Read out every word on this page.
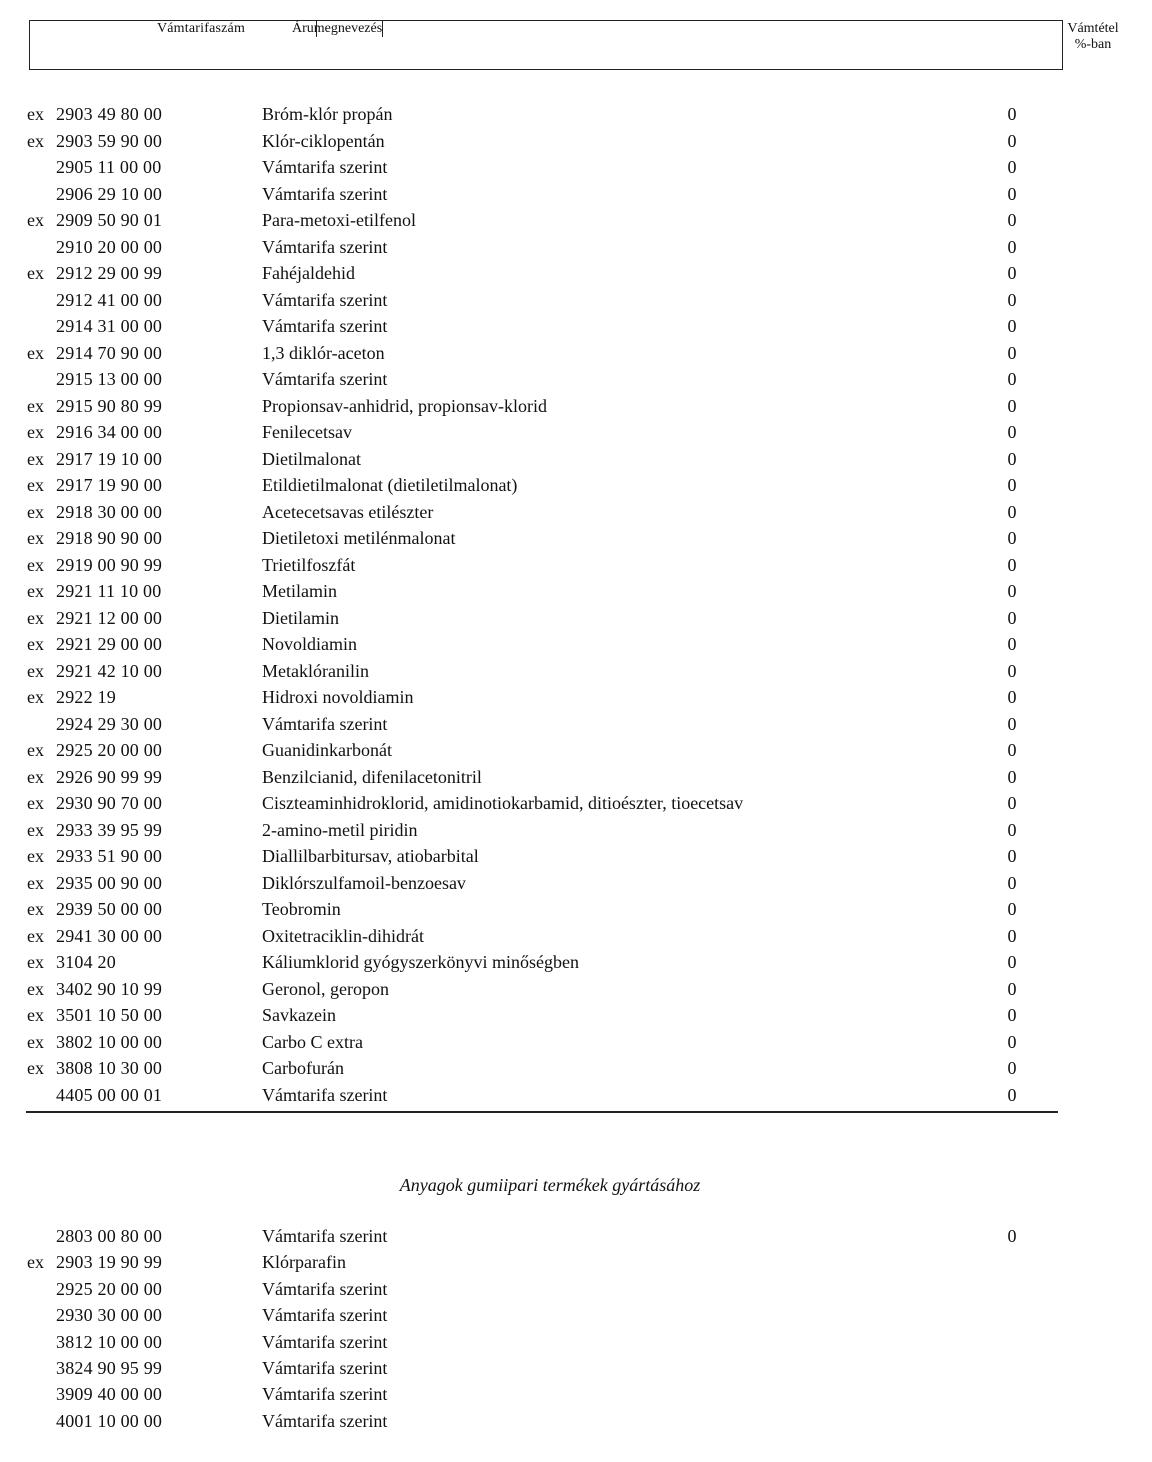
Vámtarifaszám	Árumegnevezés	Vámtétel
%-ban
ex 2903 49 80 00	Bróm-klór propán	0
ex 2903 59 90 00	Klór-ciklopentán	0
2905 11 00 00	Vámtarifa szerint	0
2906 29 10 00	Vámtarifa szerint	0
ex 2909 50 90 01	Para-metoxi-etilfenol	0
2910 20 00 00	Vámtarifa szerint	0
ex 2912 29 00 99	Fahéjaldehid	0
2912 41 00 00	Vámtarifa szerint	0
2914 31 00 00	Vámtarifa szerint	0
ex 2914 70 90 00	1,3 diklór-aceton	0
2915 13 00 00	Vámtarifa szerint	0
ex 2915 90 80 99	Propionsav-anhidrid, propionsav-klorid	0
ex 2916 34 00 00	Fenilecetsav	0
ex 2917 19 10 00	Dietilmalonat	0
ex 2917 19 90 00	Etildietilmalonat (dietiletilmalonat)	0
ex 2918 30 00 00	Acetecetsavas etilészter	0
ex 2918 90 90 00	Dietiletoxi metilénmalonat	0
ex 2919 00 90 99	Trietilfoszfát	0
ex 2921 11 10 00	Metilamin	0
ex 2921 12 00 00	Dietilamin	0
ex 2921 29 00 00	Novoldiamin	0
ex 2921 42 10 00	Metaklóranilin	0
ex 2922 19	Hidroxi novoldiamin	0
2924 29 30 00	Vámtarifa szerint	0
ex 2925 20 00 00	Guanidinkarbonát	0
ex 2926 90 99 99	Benzilcianid, difenilacetonitril	0
ex 2930 90 70 00	Ciszteaminhidroklorid, amidinotiokarbamid, ditioészter, tioecetsav	0
ex 2933 39 95 99	2-amino-metil piridin	0
ex 2933 51 90 00	Diallilbarbitursav, atiobarbital	0
ex 2935 00 90 00	Diklórszulfamoil-benzoesav	0
ex 2939 50 00 00	Teobromin	0
ex 2941 30 00 00	Oxitetraciklin-dihidrát	0
ex 3104 20	Káliumklorid gyógyszerkönyvi minőségben	0
ex 3402 90 10 99	Geronol, geropon	0
ex 3501 10 50 00	Savkazein	0
ex 3802 10 00 00	Carbo C extra	0
ex 3808 10 30 00	Carbofurán	0
4405 00 00 01	Vámtarifa szerint	0
Anyagok gumiipari termékek gyártásához
2803 00 80 00	Vámtarifa szerint	0
ex 2903 19 90 99	Klórparafin
2925 20 00 00	Vámtarifa szerint
2930 30 00 00	Vámtarifa szerint
3812 10 00 00	Vámtarifa szerint
3824 90 95 99	Vámtarifa szerint
3909 40 00 00	Vámtarifa szerint
4001 10 00 00	Vámtarifa szerint
